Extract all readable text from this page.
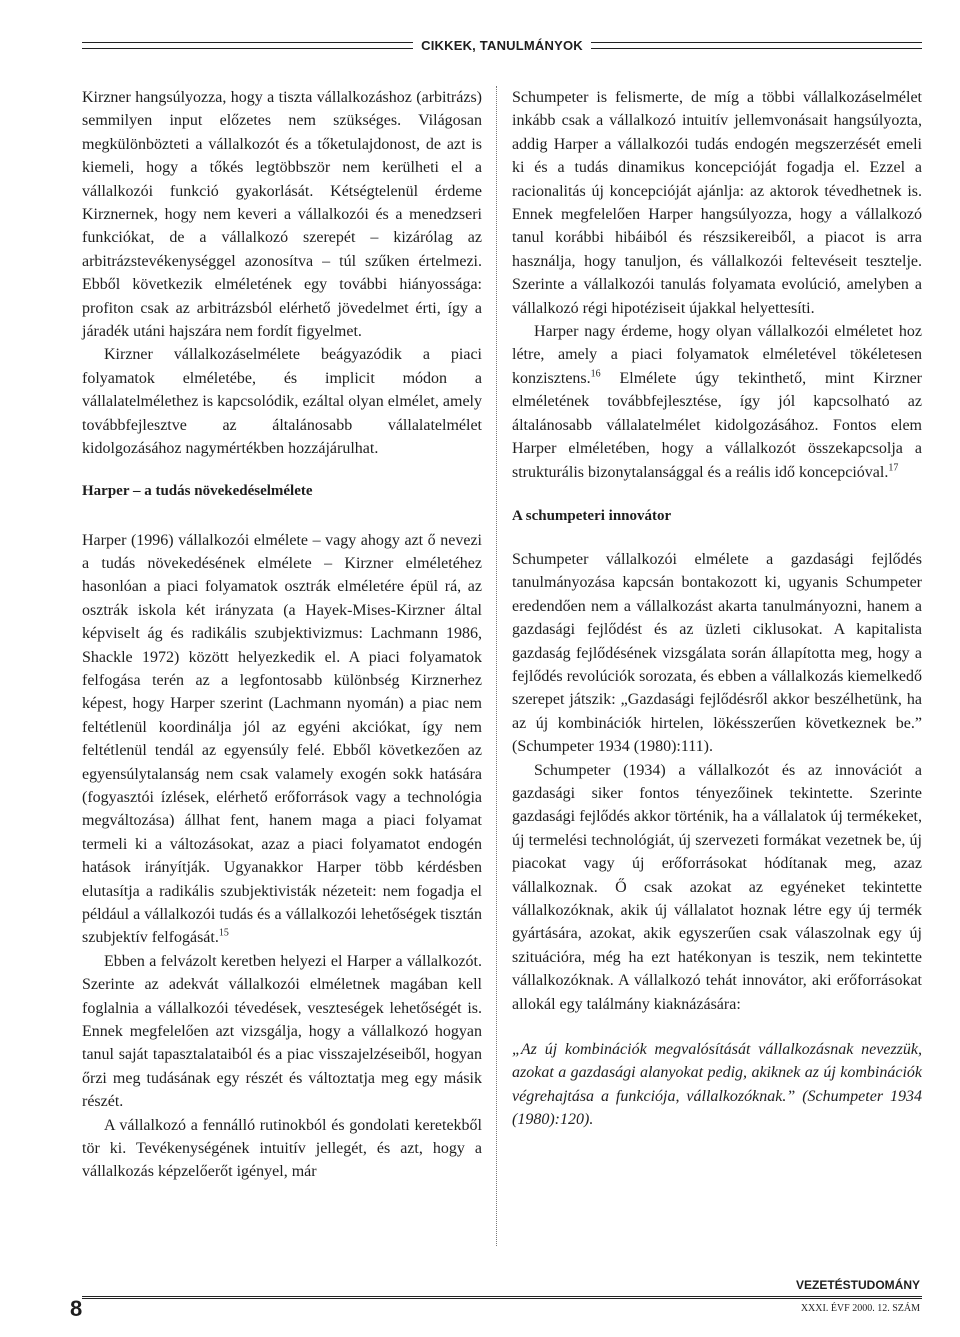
CIKKEK, TANULMÁNYOK

Kirzner hangsúlyozza, hogy a tiszta vállalkozáshoz (arbitrázs) semmilyen input előzetes nem szükséges. Világosan megkülönbözteti a vállalkozót és a tőketulajdonost, de azt is kiemeli, hogy a tőkés legtöbbször nem kerülheti el a vállalkozói funkció gyakorlását. Kétségtelenül érdeme Kirznernek, hogy nem keveri a vállalkozói és a menedzseri funkciókat, de a vállalkozó szerepét – kizárólag az arbitrázstevékenységgel azonosítva – túl szűken értelmezi. Ebből következik elméletének egy további hiányossága: profiton csak az arbitrázsból elérhető jövedelmet érti, így a járadék utáni hajszára nem fordít figyelmet.

Kirzner vállalkozáselmélete beágyazódik a piaci folyamatok elméletébe, és implicit módon a vállalatelmélethez is kapcsolódik, ezáltal olyan elmélet, amely továbbfejlesztve az általánosabb vállalatelmélet kidolgozásához nagymértékben hozzájárulhat.

Harper – a tudás növekedéselmélete

Harper (1996) vállalkozói elmélete – vagy ahogy azt ő nevezi a tudás növekedésének elmélete – Kirzner elméletéhez hasonlóan a piaci folyamatok osztrák elméletére épül rá, az osztrák iskola két irányzata (a Hayek-Mises-Kirzner által képviselt ág és radikális szubjektivizmus: Lachmann 1986, Shackle 1972) között helyezkedik el. A piaci folyamatok felfogása terén az a legfontosabb különbség Kirznerhez képest, hogy Harper szerint (Lachmann nyomán) a piac nem feltétlenül koordinálja jól az egyéni akciókat, így nem feltétlenül tendál az egyensúly felé. Ebből következően az egyensúlytalanság nem csak valamely exogén sokk hatására (fogyasztói ízlések, elérhető erőforrások vagy a technológia megváltozása) állhat fent, hanem maga a piaci folyamat termeli ki a változásokat, azaz a piaci folyamatot endogén hatások irányítják. Ugyanakkor Harper több kérdésben elutasítja a radikális szubjektivisták nézeteit: nem fogadja el például a vállalkozói tudás és a vállalkozói lehetőségek tisztán szubjektív felfogását.$^{15}$

Ebben a felvázolt keretben helyezi el Harper a vállalkozót. Szerinte az adekvát vállalkozói elméletnek magában kell foglalnia a vállalkozói tévedések, veszteségek lehetőségét is. Ennek megfelelően azt vizsgálja, hogy a vállalkozó hogyan tanul saját tapasztalataiból és a piac visszajelzéseiből, hogyan őrzi meg tudásának egy részét és változtatja meg egy másik részét.

A vállalkozó a fennálló rutinokból és gondolati keretekből tör ki. Tevékenységének intuitív jellegét, és azt, hogy a vállalkozás képzelőerőt igényel, már

Schumpeter is felismerte, de míg a többi vállalkozáselmélet inkább csak a vállalkozó intuitív jellemvonásait hangsúlyozta, addig Harper a vállalkozói tudás endogén megszerzését emeli ki és a tudás dinamikus koncepcióját fogadja el. Ezzel a racionalitás új koncepcióját ajánlja: az aktorok tévedhetnek is. Ennek megfelelően Harper hangsúlyozza, hogy a vállalkozó tanul korábbi hibáiból és részsikereiből, a piacot is arra használja, hogy tanuljon, és vállalkozói feltevéseit tesztelje. Szerinte a vállalkozói tanulás folyamata evolúció, amelyben a vállalkozó régi hipotéziseit újakkal helyettesíti.

Harper nagy érdeme, hogy olyan vállalkozói elméletet hoz létre, amely a piaci folyamatok elméletével tökéletesen konzisztens.$^{16}$ Elmélete úgy tekinthető, mint Kirzner elméletének továbbfejlesztése, így jól kapcsolható az általánosabb vállalatelmélet kidolgozásához. Fontos elem Harper elméletében, hogy a vállalkozót összekapcsolja a strukturális bizonytalansággal és a reális idő koncepcióval.$^{17}$

A schumpeteri innovátor

Schumpeter vállalkozói elmélete a gazdasági fejlődés tanulmányozása kapcsán bontakozott ki, ugyanis Schumpeter eredendően nem a vállalkozást akarta tanulmányozni, hanem a gazdasági fejlődést és az üzleti ciklusokat. A kapitalista gazdaság fejlődésének vizsgálata során állapította meg, hogy a fejlődés revolúciók sorozata, és ebben a vállalkozás kiemelkedő szerepet játszik: „Gazdasági fejlődésről akkor beszélhetünk, ha az új kombinációk hirtelen, lökésszerűen következnek be.” (Schumpeter 1934 (1980):111).

Schumpeter (1934) a vállalkozót és az innovációt a gazdasági siker fontos tényezőinek tekintette. Szerinte gazdasági fejlődés akkor történik, ha a vállalatok új termékeket, új termelési technológiát, új szervezeti formákat vezetnek be, új piacokat vagy új erőforrásokat hódítanak meg, azaz vállalkoznak. Ő csak azokat az egyéneket tekintette vállalkozóknak, akik új vállalatot hoznak létre egy új termék gyártására, azokat, akik egyszerűen csak válaszolnak egy új szituációra, még ha ezt hatékonyan is teszik, nem tekintette vállalkozóknak. A vállalkozó tehát innovátor, aki erőforrásokat allokál egy találmány kiaknázására:

„Az új kombinációk megvalósítását vállalkozásnak nevezzük, azokat a gazdasági alanyokat pedig, akiknek az új kombinációk végrehajtása a funkciója, vállalkozóknak.” (Schumpeter 1934 (1980):120).

VEZETÉSTUDOMÁNY
8	XXXI. ÉVF 2000. 12. SZÁM
